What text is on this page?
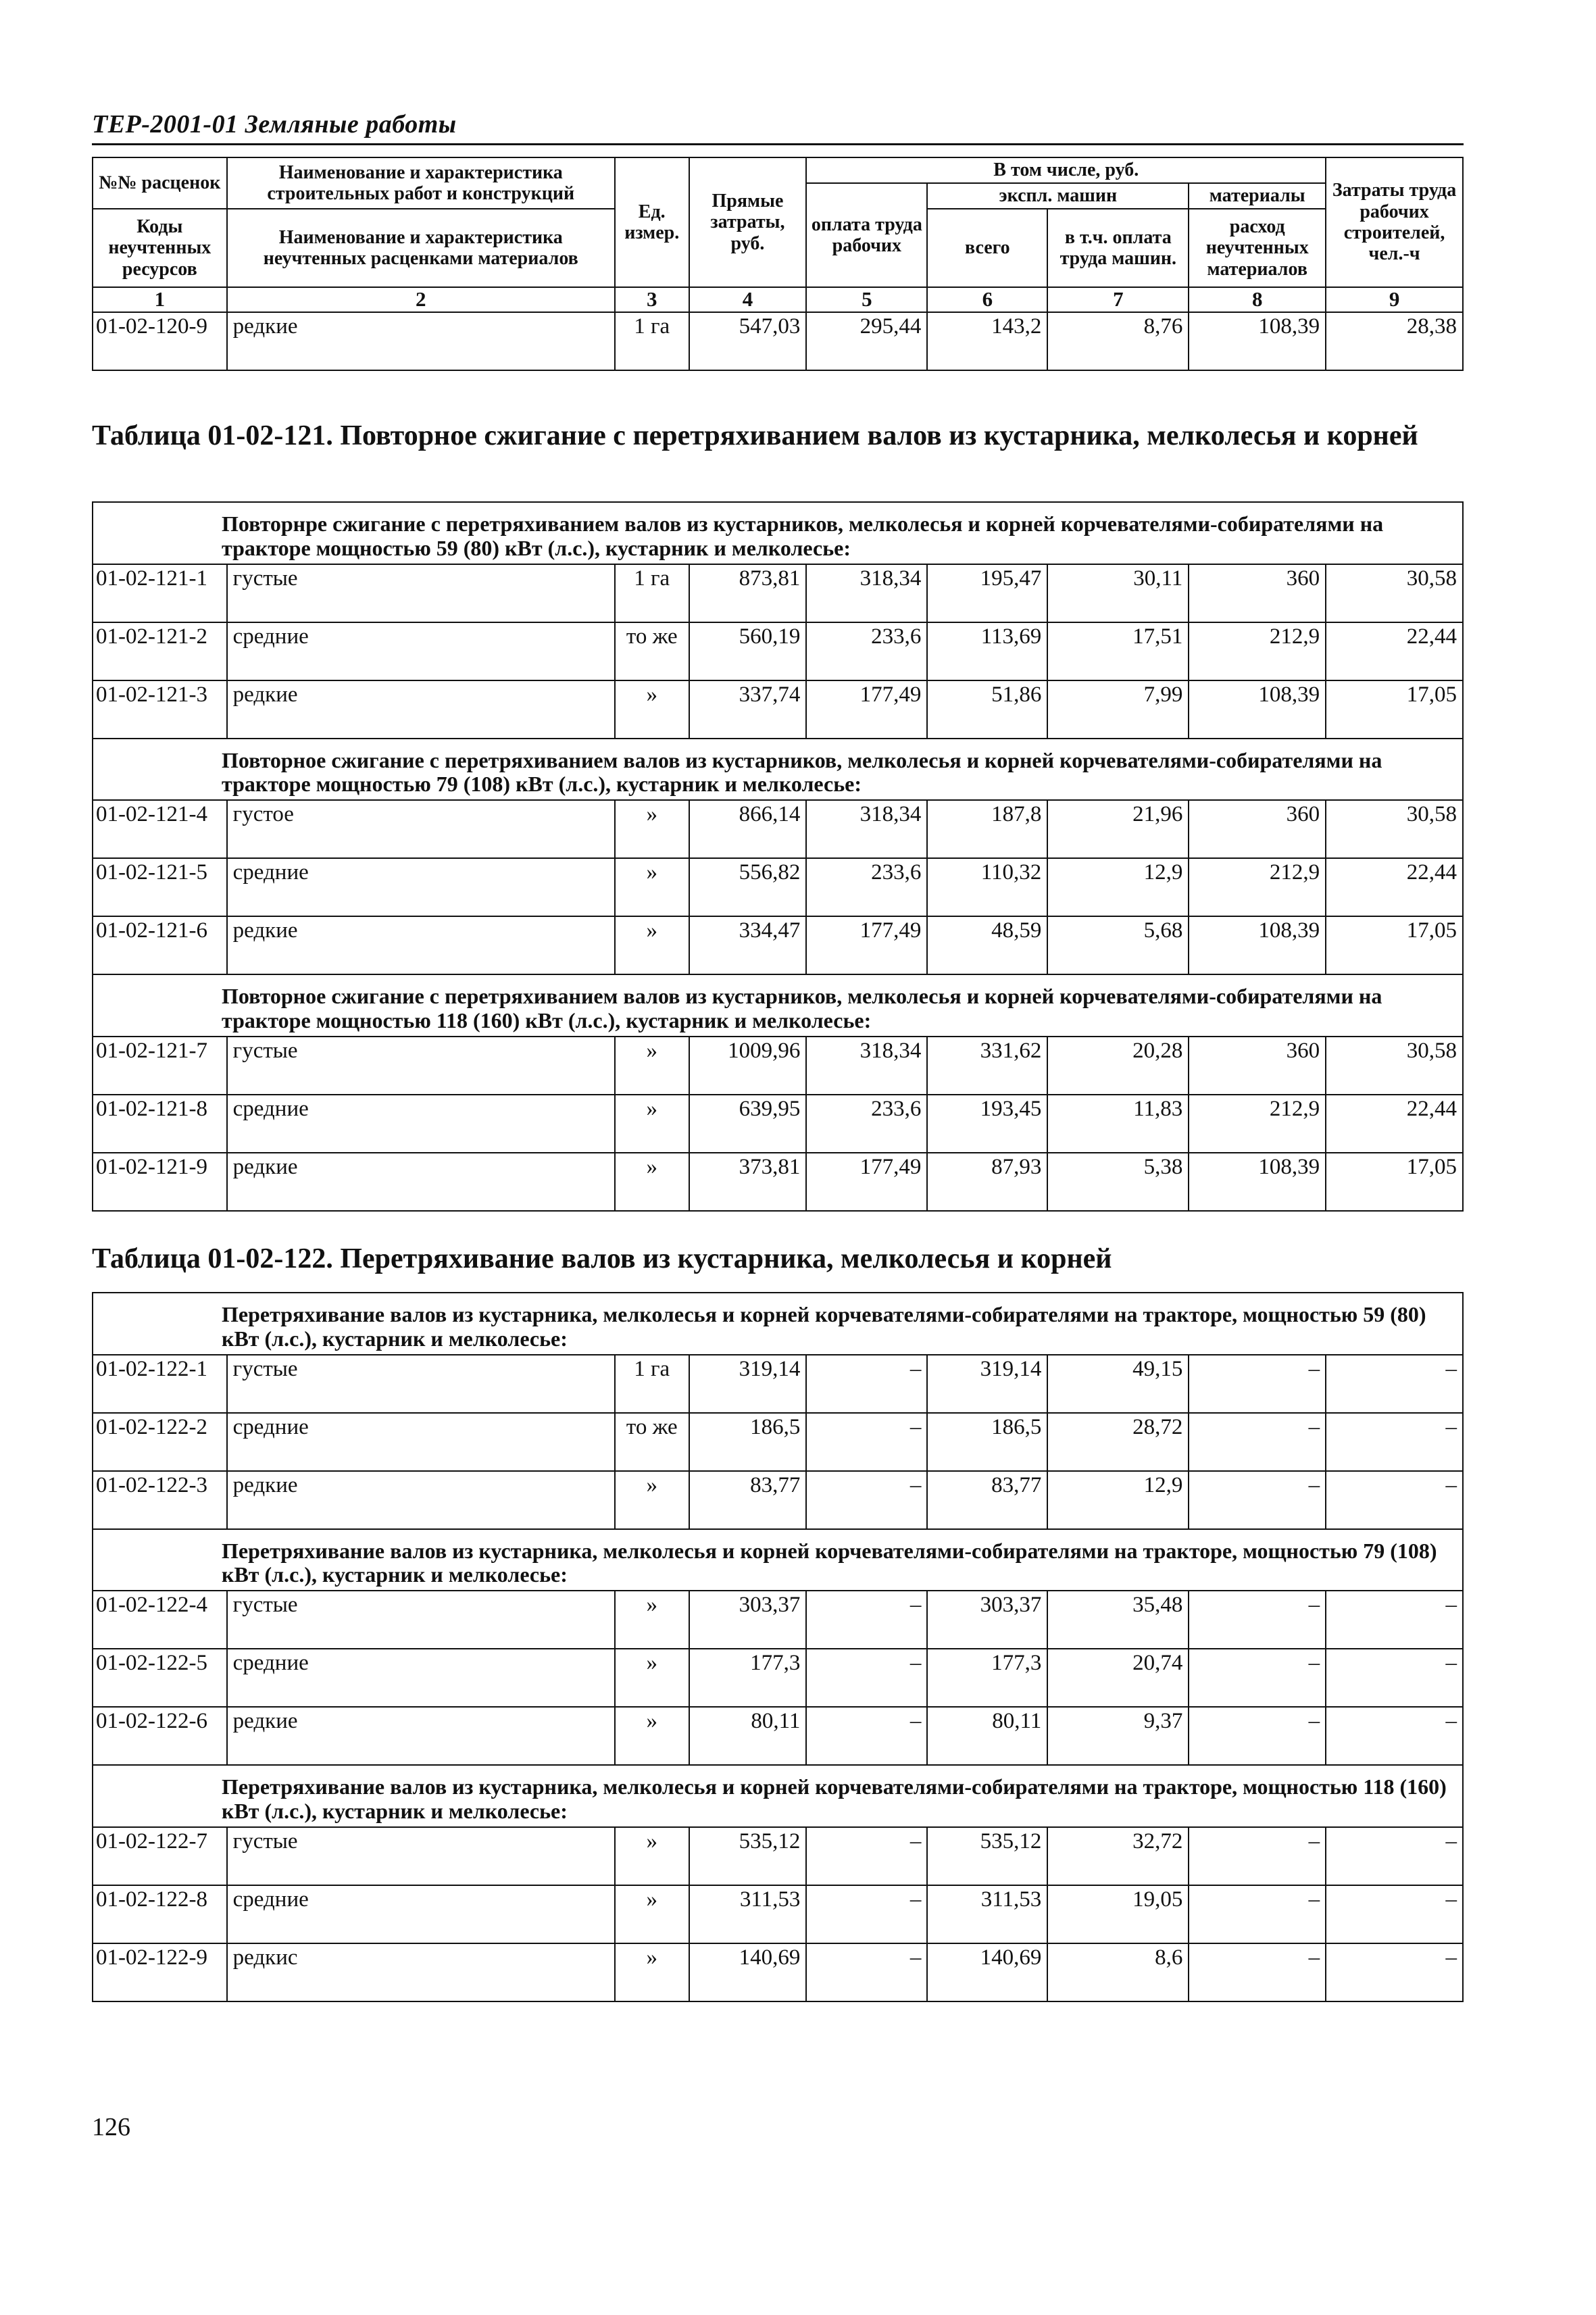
ТЕР-2001-01 Земляные работы
№№ расценок	Наименование и характеристика строительных работ и конструкций	Ед. измер.	Прямые затраты, руб.	В том числе, руб.				Затраты труда рабочих строителей, чел.-ч
				оплата труда рабочих	экспл. машин		материалы	
Коды неучтенных ресурсов	Наименование и характеристика неучтенных расценками материалов				всего	в т.ч. оплата труда машин.	расход неучтенных материалов	

1	2	3	4	5	6	7	8	9
01-02-120-9	редкие	1 га	547,03	295,44	143,2	8,76	108,39	28,38
Таблица 01-02-121. Повторное сжигание с перетряхиванием валов из кустарника, мелколесья и корней
Повторнре сжигание с перетряхиванием валов из кустарников, мелколесья и корней корчевателями-собирателями на тракторе мощностью 59 (80) кВт (л.с.), кустарник и мелколесье:								
01-02-121-1	густые	1 га	873,81	318,34	195,47	30,11	360	30,58
01-02-121-2	средние	то же	560,19	233,6	113,69	17,51	212,9	22,44
01-02-121-3	редкие	»	337,74	177,49	51,86	7,99	108,39	17,05
Повторное сжигание с перетряхиванием валов из кустарников, мелколесья и корней корчевателями-собирателями на тракторе мощностью 79 (108) кВт (л.с.), кустарник и мелколесье:								
01-02-121-4	густое	»	866,14	318,34	187,8	21,96	360	30,58
01-02-121-5	средние	»	556,82	233,6	110,32	12,9	212,9	22,44
01-02-121-6	редкие	»	334,47	177,49	48,59	5,68	108,39	17,05
Повторное сжигание с перетряхиванием валов из кустарников, мелколесья и корней корчевателями-собирателями на тракторе мощностью 118 (160) кВт (л.с.), кустарник и мелколесье:								
01-02-121-7	густые	»	1009,96	318,34	331,62	20,28	360	30,58
01-02-121-8	средние	»	639,95	233,6	193,45	11,83	212,9	22,44
01-02-121-9	редкие	»	373,81	177,49	87,93	5,38	108,39	17,05
Таблица 01-02-122. Перетряхивание валов из кустарника, мелколесья и корней
Перетряхивание валов из кустарника, мелколесья и корней корчевателями-собирателями на тракторе, мощностью 59 (80) кВт (л.с.), кустарник и мелколесье:								
01-02-122-1	густые	1 га	319,14	–	319,14	49,15	–	–
01-02-122-2	средние	то же	186,5	–	186,5	28,72	–	–
01-02-122-3	редкие	»	83,77	–	83,77	12,9	–	–
Перетряхивание валов из кустарника, мелколесья и корней корчевателями-собирателями на тракторе, мощностью 79 (108) кВт (л.с.), кустарник и мелколесье:								
01-02-122-4	густые	»	303,37	–	303,37	35,48	–	–
01-02-122-5	средние	»	177,3	–	177,3	20,74	–	–
01-02-122-6	редкие	»	80,11	–	80,11	9,37	–	–
Перетряхивание валов из кустарника, мелколесья и корней корчевателями-собирателями на тракторе, мощностью 118 (160) кВт (л.с.), кустарник и мелколесье:								
01-02-122-7	густые	»	535,12	–	535,12	32,72	–	–
01-02-122-8	средние	»	311,53	–	311,53	19,05	–	–
01-02-122-9	редкис	»	140,69	–	140,69	8,6	–	–
126
